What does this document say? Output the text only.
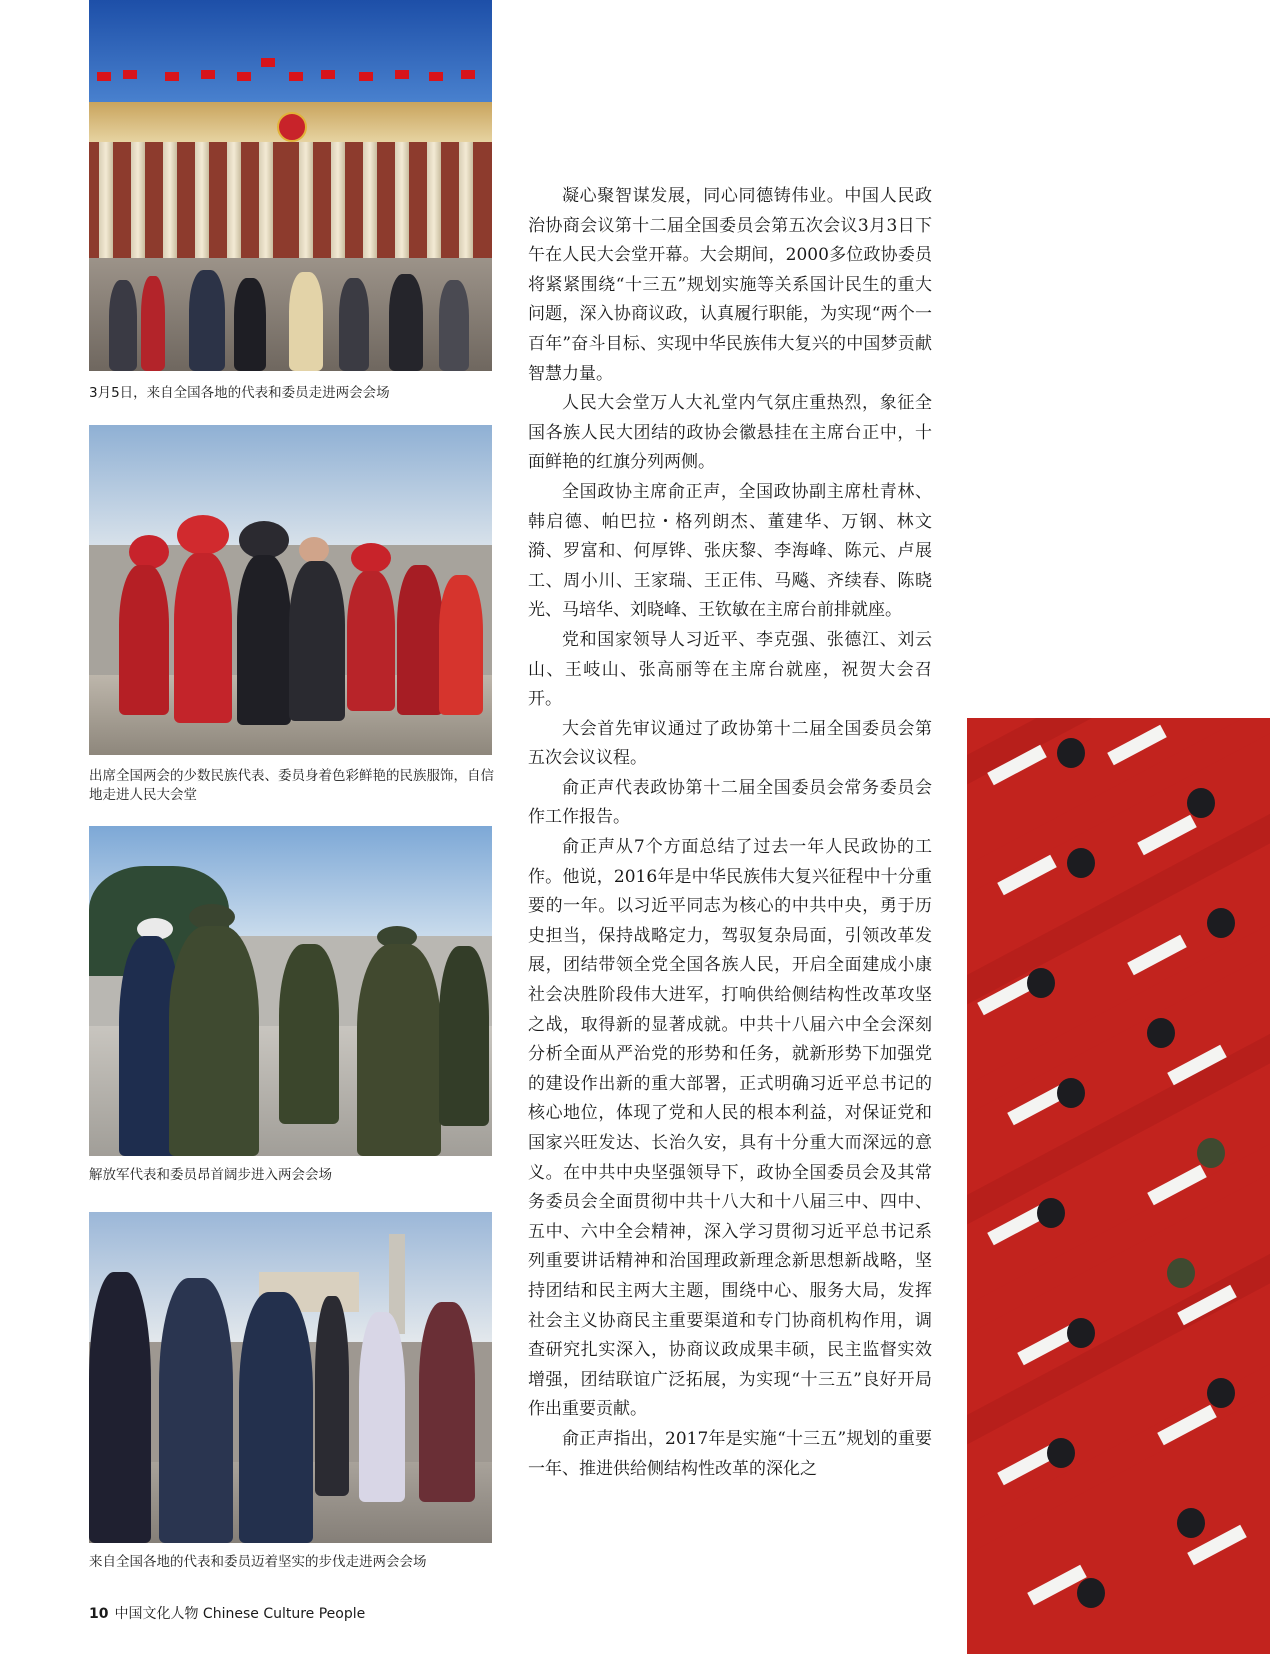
3月5日，来自全国各地的代表和委员走进两会会场

出席全国两会的少数民族代表、委员身着色彩鲜艳的民族服饰，自信地走进人民大会堂

解放军代表和委员昂首阔步进入两会会场

来自全国各地的代表和委员迈着坚实的步伐走进两会会场

凝心聚智谋发展，同心同德铸伟业。中国人民政治协商会议第十二届全国委员会第五次会议3月3日下午在人民大会堂开幕。大会期间，2000多位政协委员将紧紧围绕“十三五”规划实施等关系国计民生的重大问题，深入协商议政，认真履行职能，为实现“两个一百年”奋斗目标、实现中华民族伟大复兴的中国梦贡献智慧力量。

人民大会堂万人大礼堂内气氛庄重热烈，象征全国各族人民大团结的政协会徽悬挂在主席台正中，十面鲜艳的红旗分列两侧。

全国政协主席俞正声，全国政协副主席杜青林、韩启德、帕巴拉・格列朗杰、董建华、万钢、林文漪、罗富和、何厚铧、张庆黎、李海峰、陈元、卢展工、周小川、王家瑞、王正伟、马飚、齐续春、陈晓光、马培华、刘晓峰、王钦敏在主席台前排就座。

党和国家领导人习近平、李克强、张德江、刘云山、王岐山、张高丽等在主席台就座，祝贺大会召开。

大会首先审议通过了政协第十二届全国委员会第五次会议议程。

俞正声代表政协第十二届全国委员会常务委员会作工作报告。

俞正声从7个方面总结了过去一年人民政协的工作。他说，2016年是中华民族伟大复兴征程中十分重要的一年。以习近平同志为核心的中共中央，勇于历史担当，保持战略定力，驾驭复杂局面，引领改革发展，团结带领全党全国各族人民，开启全面建成小康社会决胜阶段伟大进军，打响供给侧结构性改革攻坚之战，取得新的显著成就。中共十八届六中全会深刻分析全面从严治党的形势和任务，就新形势下加强党的建设作出新的重大部署，正式明确习近平总书记的核心地位，体现了党和人民的根本利益，对保证党和国家兴旺发达、长治久安，具有十分重大而深远的意义。在中共中央坚强领导下，政协全国委员会及其常务委员会全面贯彻中共十八大和十八届三中、四中、五中、六中全会精神，深入学习贯彻习近平总书记系列重要讲话精神和治国理政新理念新思想新战略，坚持团结和民主两大主题，围绕中心、服务大局，发挥社会主义协商民主重要渠道和专门协商机构作用，调查研究扎实深入，协商议政成果丰硕，民主监督实效增强，团结联谊广泛拓展，为实现“十三五”良好开局作出重要贡献。

俞正声指出，2017年是实施“十三五”规划的重要一年、推进供给侧结构性改革的深化之

10 中国文化人物 Chinese Culture People
